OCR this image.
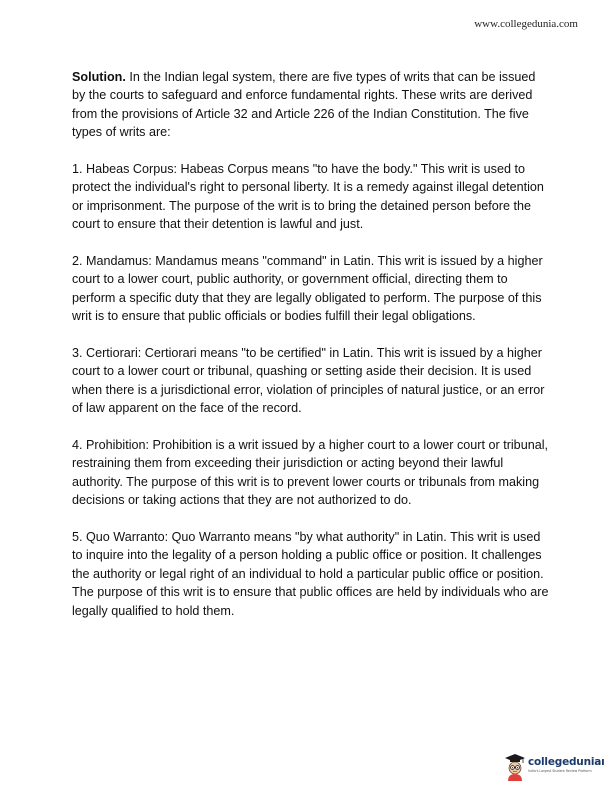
www.collegedunia.com

Solution. In the Indian legal system, there are five types of writs that can be issued by the courts to safeguard and enforce fundamental rights. These writs are derived from the provisions of Article 32 and Article 226 of the Indian Constitution. The five types of writs are:

1. Habeas Corpus: Habeas Corpus means "to have the body." This writ is used to protect the individual's right to personal liberty. It is a remedy against illegal detention or imprisonment. The purpose of the writ is to bring the detained person before the court to ensure that their detention is lawful and just.

2. Mandamus: Mandamus means "command" in Latin. This writ is issued by a higher court to a lower court, public authority, or government official, directing them to perform a specific duty that they are legally obligated to perform. The purpose of this writ is to ensure that public officials or bodies fulfill their legal obligations.

3. Certiorari: Certiorari means "to be certified" in Latin. This writ is issued by a higher court to a lower court or tribunal, quashing or setting aside their decision. It is used when there is a jurisdictional error, violation of principles of natural justice, or an error of law apparent on the face of the record.

4. Prohibition: Prohibition is a writ issued by a higher court to a lower court or tribunal, restraining them from exceeding their jurisdiction or acting beyond their lawful authority. The purpose of this writ is to prevent lower courts or tribunals from making decisions or taking actions that they are not authorized to do.

5. Quo Warranto: Quo Warranto means "by what authority" in Latin. This writ is used to inquire into the legality of a person holding a public office or position. It challenges the authority or legal right of an individual to hold a particular public office or position. The purpose of this writ is to ensure that public offices are held by individuals who are legally qualified to hold them.

collegeduniaı
India's Largest Student Review Platform
